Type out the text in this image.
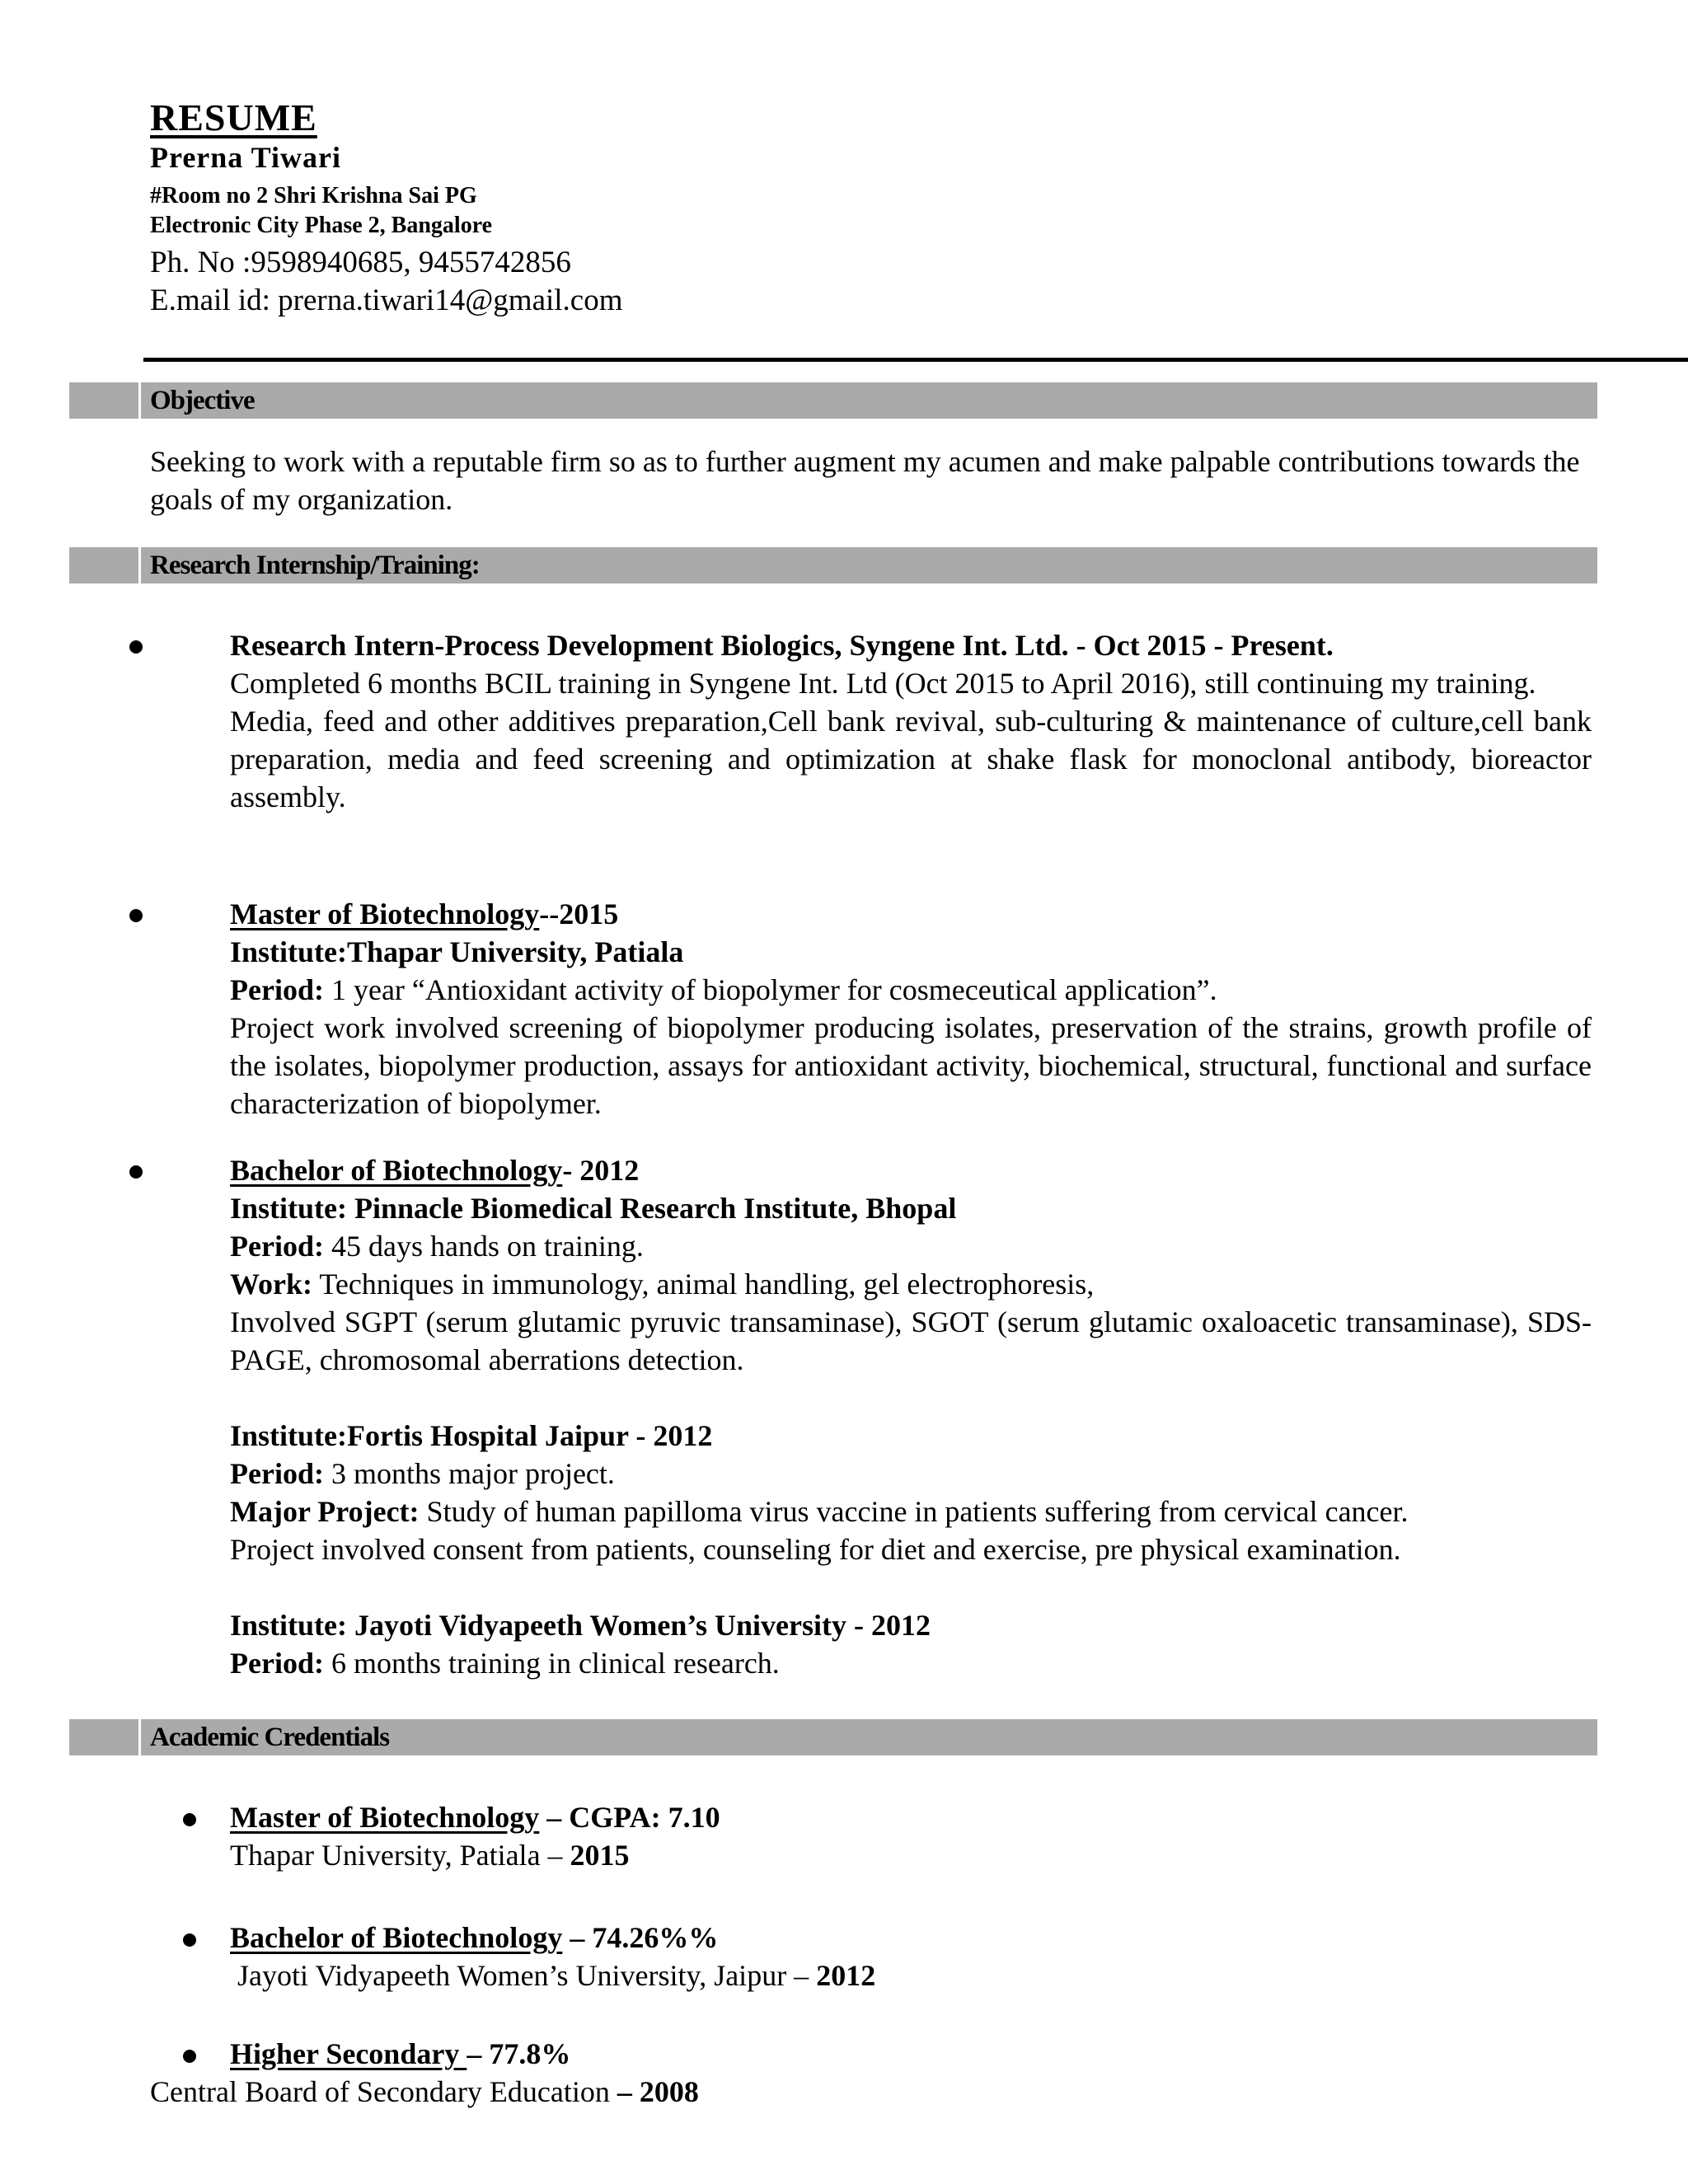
RESUME
Prerna Tiwari
#Room no 2 Shri Krishna Sai PG
Electronic City Phase 2, Bangalore
Ph. No :9598940685, 9455742856
E.mail id: prerna.tiwari14@gmail.com
Objective
Seeking to work with a reputable firm so as to further augment my acumen and make palpable contributions towards the goals of my organization.
Research Internship/Training:

Research Intern-Process Development Biologics, Syngene Int. Ltd. - Oct 2015 - Present.

Completed 6 months BCIL training in Syngene Int. Ltd (Oct 2015 to April 2016), still continuing my training.

Media, feed and other additives preparation,Cell bank revival, sub-culturing & maintenance of culture,cell bank preparation, media and feed screening and optimization at shake flask for monoclonal antibody, bioreactor assembly.

Master of Biotechnology--2015

Institute:Thapar University, Patiala

Period: 1 year “Antioxidant activity of biopolymer for cosmeceutical application”.

Project work involved screening of biopolymer producing isolates, preservation of the strains, growth profile of the isolates, biopolymer production, assays for antioxidant activity, biochemical, structural, functional and surface characterization of biopolymer.

Bachelor of Biotechnology- 2012

Institute: Pinnacle Biomedical Research Institute, Bhopal

Period: 45 days hands on training.

Work: Techniques in immunology, animal handling, gel electrophoresis,

Involved SGPT (serum glutamic pyruvic transaminase), SGOT (serum glutamic oxaloacetic transaminase), SDS-PAGE, chromosomal aberrations detection.

Institute:Fortis Hospital Jaipur - 2012

Period: 3 months major project.

Major Project: Study of human papilloma virus vaccine in patients suffering from cervical cancer.

Project involved consent from patients, counseling for diet and exercise, pre physical examination.

Institute: Jayoti Vidyapeeth Women’s University - 2012

Period: 6 months training in clinical research.

Academic Credentials
Master of Biotechnology – CGPA: 7.10
Thapar University, Patiala – 2015
Bachelor of Biotechnology – 74.26%%
Jayoti Vidyapeeth Women’s University, Jaipur – 2012
Higher Secondary – 77.8%
Central Board of Secondary Education – 2008
